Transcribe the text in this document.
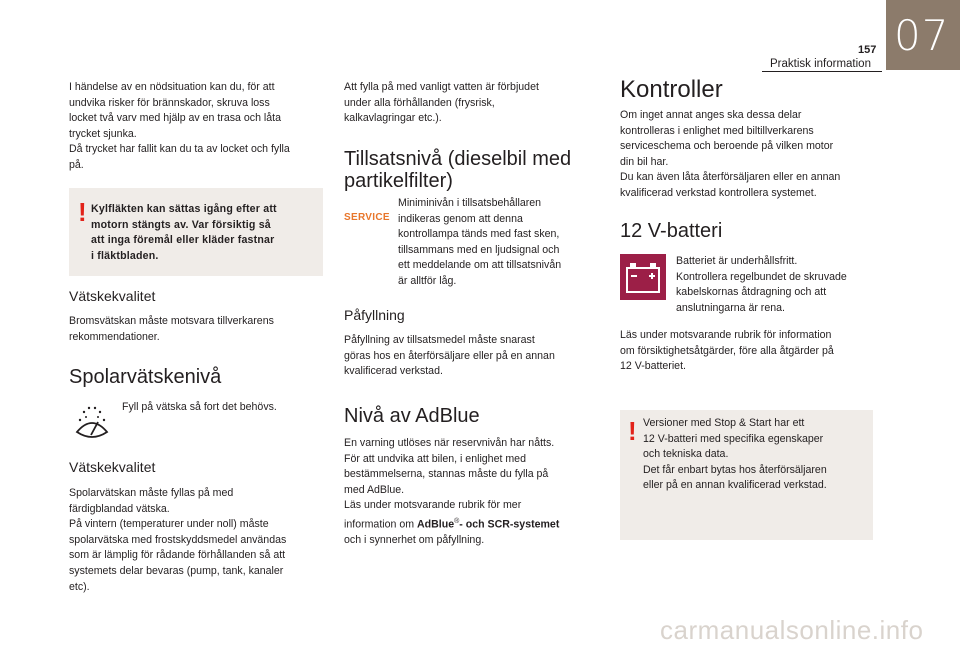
157
Praktisk information
07

I händelse av en nödsituation kan du, för att

undvika risker för brännskador, skruva loss

locket två varv med hjälp av en trasa och låta

trycket sjunka.

Då trycket har fallit kan du ta av locket och fylla

på.

! Kylfläkten kan sättas igång efter att

motorn stängts av. Var försiktig så

att inga föremål eller kläder fastnar

i fläktbladen.

Vätskekvalitet

Bromsvätskan måste motsvara tillverkarens

rekommendationer.

Spolarvätskenivå

Fyll på vätska så fort det behövs.

Vätskekvalitet

Spolarvätskan måste fyllas på med

färdigblandad vätska.

På vintern (temperaturer under noll) måste

spolarvätska med frostskyddsmedel användas

som är lämplig för rådande förhållanden så att

systemets delar bevaras (pump, tank, kanaler

etc).

Att fylla på med vanligt vatten är förbjudet

under alla förhållanden (frysrisk,

kalkavlagringar etc.).

Tillsatsnivå (dieselbil med
partikelfilter)
SERVICE

Miniminivån i tillsatsbehållaren

indikeras genom att denna

kontrollampa tänds med fast sken,

tillsammans med en ljudsignal och

ett meddelande om att tillsatsnivån

är alltför låg.

Påfyllning

Påfyllning av tillsatsmedel måste snarast

göras hos en återförsäljare eller på en annan

kvalificerad verkstad.

Nivå av AdBlue

En varning utlöses när reservnivån har nåtts.

För att undvika att bilen, i enlighet med

bestämmelserna, stannas måste du fylla på

med AdBlue.

Läs under motsvarande rubrik för mer

information om AdBlue®- och SCR-systemet

och i synnerhet om påfyllning.

Kontroller

Om inget annat anges ska dessa delar

kontrolleras i enlighet med biltillverkarens

serviceschema och beroende på vilken motor

din bil har.

Du kan även låta återförsäljaren eller en annan

kvalificerad verkstad kontrollera systemet.

12 V-batteri

Batteriet är underhållsfritt.

Kontrollera regelbundet de skruvade

kabelskornas åtdragning och att

anslutningarna är rena.

Läs under motsvarande rubrik för information

om försiktighetsåtgärder, före alla åtgärder på

12 V-batteriet.

! Versioner med Stop & Start har ett

12 V-batteri med specifika egenskaper

och tekniska data.

Det får enbart bytas hos återförsäljaren

eller på en annan kvalificerad verkstad.

carmanualsonline.info
